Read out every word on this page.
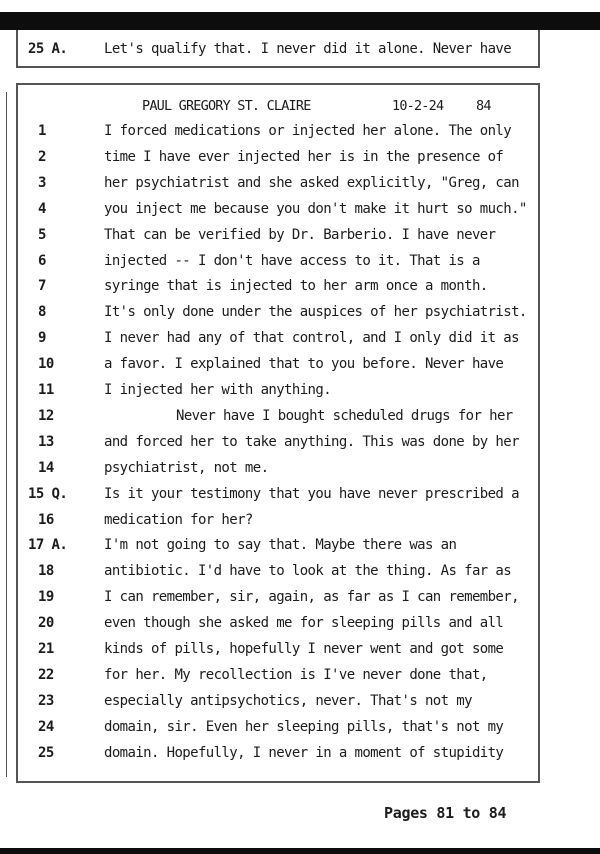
25 A.	Let's qualify that. I never did it alone. Never have
PAUL GREGORY ST. CLAIRE	10-2-24 84
1	I forced medications or injected her alone. The only
2	time I have ever injected her is in the presence of
3	her psychiatrist and she asked explicitly, "Greg, can
4	you inject me because you don't make it hurt so much."
5	That can be verified by Dr. Barberio. I have never
6	injected -- I don't have access to it. That is a
7	syringe that is injected to her arm once a month.
8	It's only done under the auspices of her psychiatrist.
9	I never had any of that control, and I only did it as
10	a favor. I explained that to you before. Never have
11	I injected her with anything.
12	Never have I bought scheduled drugs for her
13	and forced her to take anything. This was done by her
14	psychiatrist, not me.
15 Q.	Is it your testimony that you have never prescribed a
16	medication for her?
17 A.	I'm not going to say that. Maybe there was an
18	antibiotic. I'd have to look at the thing. As far as
19	I can remember, sir, again, as far as I can remember,
20	even though she asked me for sleeping pills and all
21	kinds of pills, hopefully I never went and got some
22	for her. My recollection is I've never done that,
23	especially antipsychotics, never. That's not my
24	domain, sir. Even her sleeping pills, that's not my
25	domain. Hopefully, I never in a moment of stupidity
Pages 81 to 84
